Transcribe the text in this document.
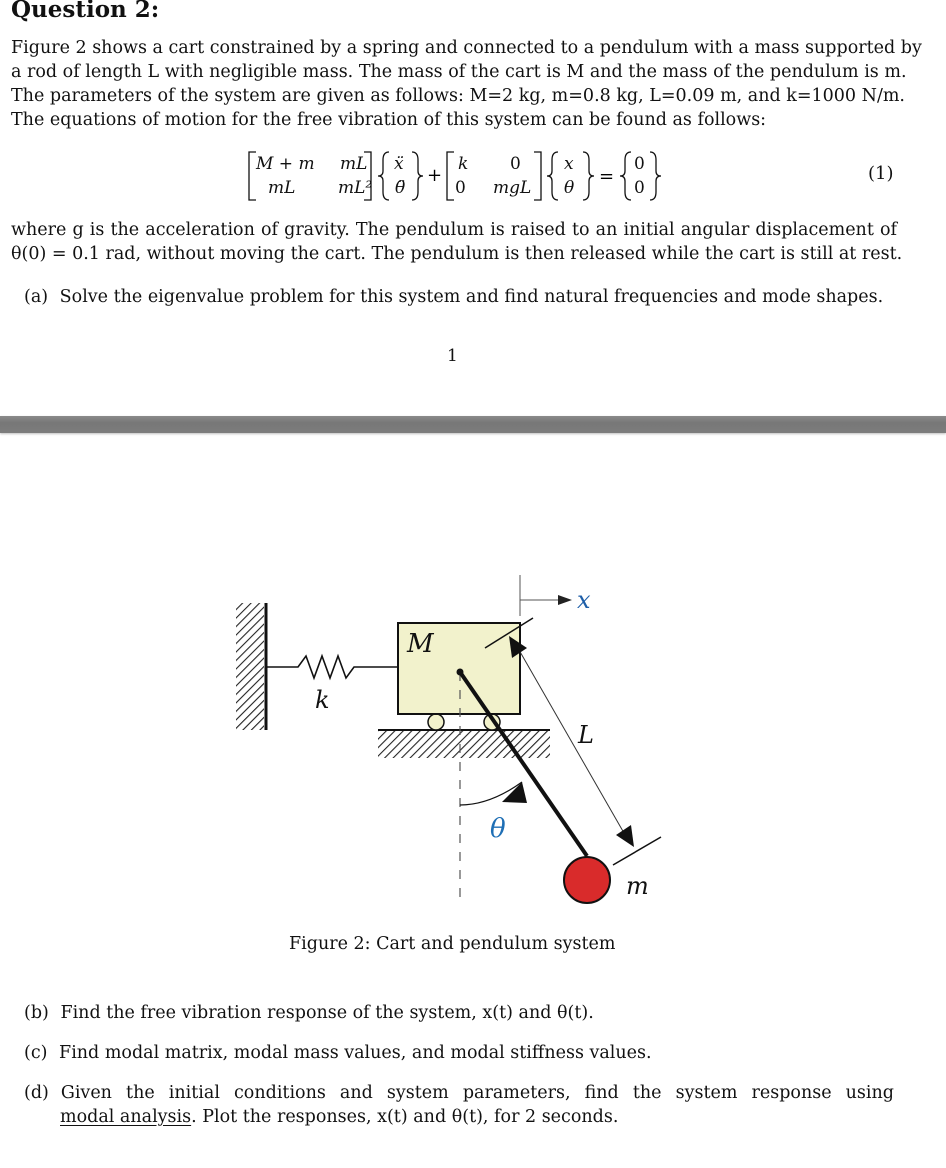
Question 2:
Figure 2 shows a cart constrained by a spring and connected to a pendulum with a mass supported by
a rod of length L with negligible mass. The mass of the cart is M and the mass of the pendulum is m.
The parameters of the system are given as follows: M=2 kg, m=0.8 kg, L=0.09 m, and k=1000 N/m.
The equations of motion for the free vibration of this system can be found as follows:
M + m mL
mL	mL²
ẍ
θ̈
k 0
0 mgL
x
θ
0
0
+	=	(1)
where g is the acceleration of gravity. The pendulum is raised to an initial angular displacement of
θ(0) = 0.1 rad, without moving the cart. The pendulum is then released while the cart is still at rest.
(a) Solve the eigenvalue problem for this system and find natural frequencies and mode shapes.
1
k
M
x
θ
L
m
Figure 2: Cart and pendulum system
(b) Find the free vibration response of the system, x(t) and θ(t).
(c) Find modal matrix, modal mass values, and modal stiffness values.
(d) Given the initial conditions and system parameters, find the system response using
modal analysis. Plot the responses, x(t) and θ(t), for 2 seconds.
